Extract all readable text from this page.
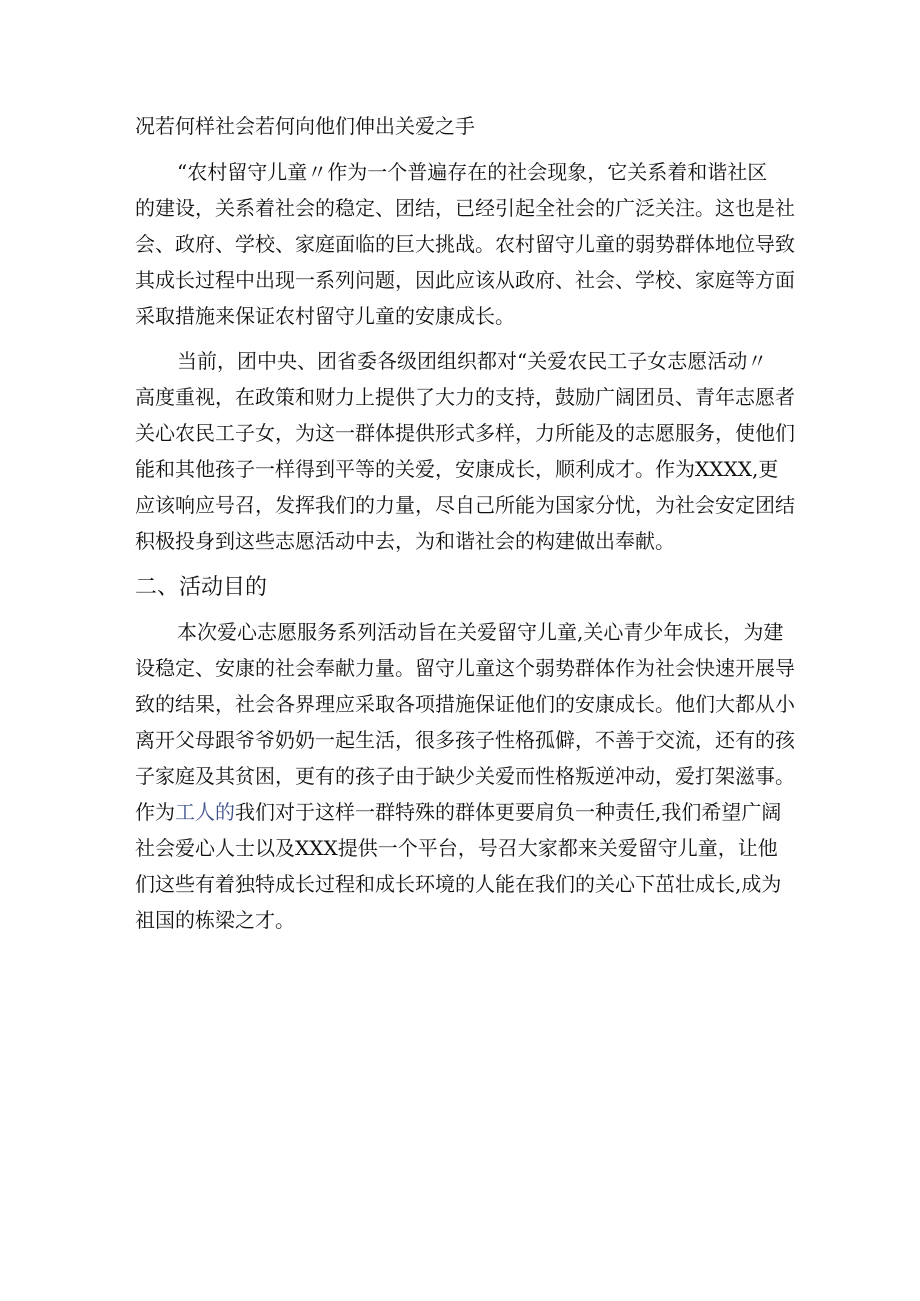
况若何样社会若何向他们伸出关爱之手

“农村留守儿童〃作为一个普遍存在的社会现象，它关系着和谐社区

的建设，关系着社会的稳定、团结，已经引起全社会的广泛关注。这也是社

会、政府、学校、家庭面临的巨大挑战。农村留守儿童的弱势群体地位导致

其成长过程中出现一系列问题，因此应该从政府、社会、学校、家庭等方面

采取措施来保证农村留守儿童的安康成长。

当前，团中央、团省委各级团组织都对“关爱农民工子女志愿活动〃

高度重视，在政策和财力上提供了大力的支持，鼓励广阔团员、青年志愿者

关心农民工子女，为这一群体提供形式多样，力所能及的志愿服务，使他们

能和其他孩子一样得到平等的关爱，安康成长，顺利成才。作为XXXX,更

应该响应号召，发挥我们的力量，尽自己所能为国家分忧，为社会安定团结

积极投身到这些志愿活动中去，为和谐社会的构建做出奉献。

二、活动目的

本次爱心志愿服务系列活动旨在关爱留守儿童,关心青少年成长，为建

设稳定、安康的社会奉献力量。留守儿童这个弱势群体作为社会快速开展导

致的结果，社会各界理应采取各项措施保证他们的安康成长。他们大都从小

离开父母跟爷爷奶奶一起生活，很多孩子性格孤僻，不善于交流，还有的孩

子家庭及其贫困，更有的孩子由于缺少关爱而性格叛逆冲动，爱打架滋事。

作为工人的我们对于这样一群特殊的群体更要肩负一种责任,我们希望广阔

社会爱心人士以及XXX提供一个平台，号召大家都来关爱留守儿童，让他

们这些有着独特成长过程和成长环境的人能在我们的关心下茁壮成长,成为

祖国的栋梁之才。
